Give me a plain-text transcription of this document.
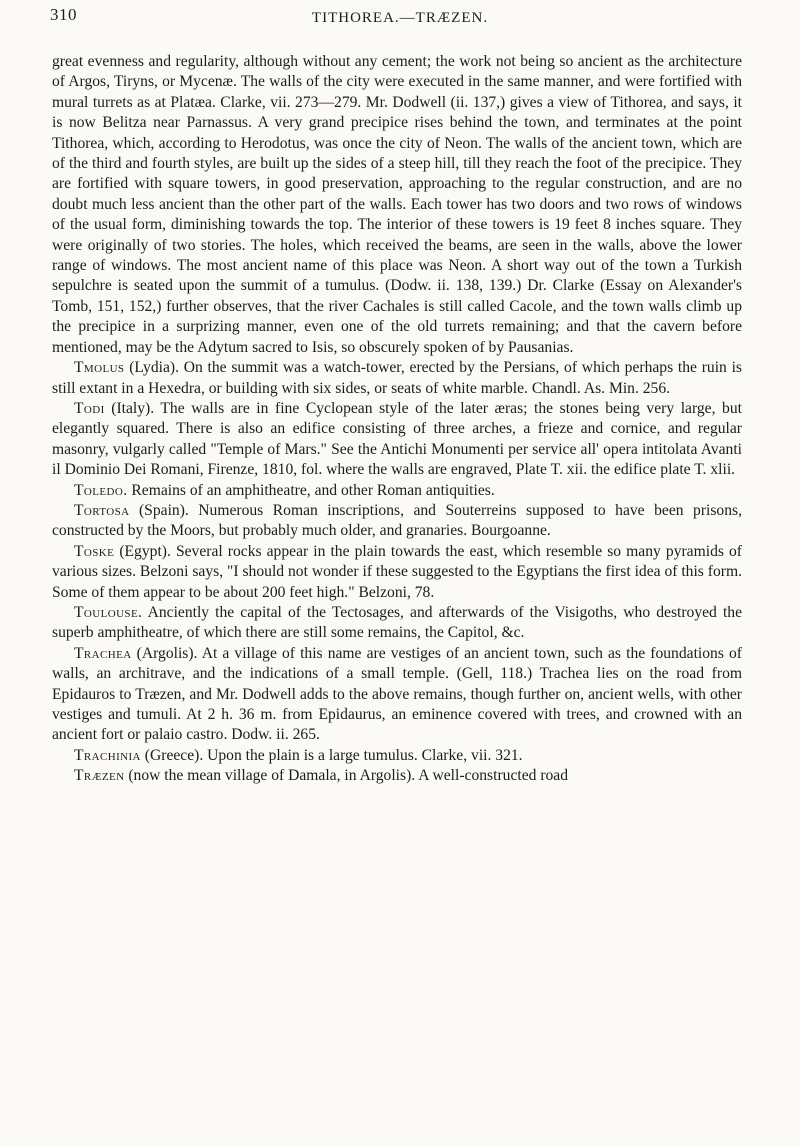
310	TITHOREA.—TRÆZEN.

great evenness and regularity, although without any cement; the work not being so ancient as the architecture of Argos, Tiryns, or Mycenæ. The walls of the city were executed in the same manner, and were fortified with mural turrets as at Platæa. Clarke, vii. 273—279. Mr. Dodwell (ii. 137,) gives a view of Tithorea, and says, it is now Belitza near Parnassus. A very grand precipice rises behind the town, and terminates at the point Tithorea, which, according to Herodotus, was once the city of Neon. The walls of the ancient town, which are of the third and fourth styles, are built up the sides of a steep hill, till they reach the foot of the precipice. They are fortified with square towers, in good preservation, approaching to the regular construction, and are no doubt much less ancient than the other part of the walls. Each tower has two doors and two rows of windows of the usual form, diminishing towards the top. The interior of these towers is 19 feet 8 inches square. They were originally of two stories. The holes, which received the beams, are seen in the walls, above the lower range of windows. The most ancient name of this place was Neon. A short way out of the town a Turkish sepulchre is seated upon the summit of a tumulus. (Dodw. ii. 138, 139.) Dr. Clarke (Essay on Alexander's Tomb, 151, 152,) further observes, that the river Cachales is still called Cacole, and the town walls climb up the precipice in a surprizing manner, even one of the old turrets remaining; and that the cavern before mentioned, may be the Adytum sacred to Isis, so obscurely spoken of by Pausanias.

Tmolus (Lydia). On the summit was a watch-tower, erected by the Persians, of which perhaps the ruin is still extant in a Hexedra, or building with six sides, or seats of white marble. Chandl. As. Min. 256.

Todi (Italy). The walls are in fine Cyclopean style of the later æras; the stones being very large, but elegantly squared. There is also an edifice consisting of three arches, a frieze and cornice, and regular masonry, vulgarly called "Temple of Mars." See the Antichi Monumenti per service all' opera intitolata Avanti il Dominio Dei Romani, Firenze, 1810, fol. where the walls are engraved, Plate T. xii. the edifice plate T. xlii.

Toledo. Remains of an amphitheatre, and other Roman antiquities.

Tortosa (Spain). Numerous Roman inscriptions, and Souterreins supposed to have been prisons, constructed by the Moors, but probably much older, and granaries. Bourgoanne.

Toske (Egypt). Several rocks appear in the plain towards the east, which resemble so many pyramids of various sizes. Belzoni says, "I should not wonder if these suggested to the Egyptians the first idea of this form. Some of them appear to be about 200 feet high." Belzoni, 78.

Toulouse. Anciently the capital of the Tectosages, and afterwards of the Visigoths, who destroyed the superb amphitheatre, of which there are still some remains, the Capitol, &c.

Trachea (Argolis). At a village of this name are vestiges of an ancient town, such as the foundations of walls, an architrave, and the indications of a small temple. (Gell, 118.) Trachea lies on the road from Epidauros to Træzen, and Mr. Dodwell adds to the above remains, though further on, ancient wells, with other vestiges and tumuli. At 2 h. 36 m. from Epidaurus, an eminence covered with trees, and crowned with an ancient fort or palaio castro. Dodw. ii. 265.

Trachinia (Greece). Upon the plain is a large tumulus. Clarke, vii. 321.

Træzen (now the mean village of Damala, in Argolis). A well-constructed road
